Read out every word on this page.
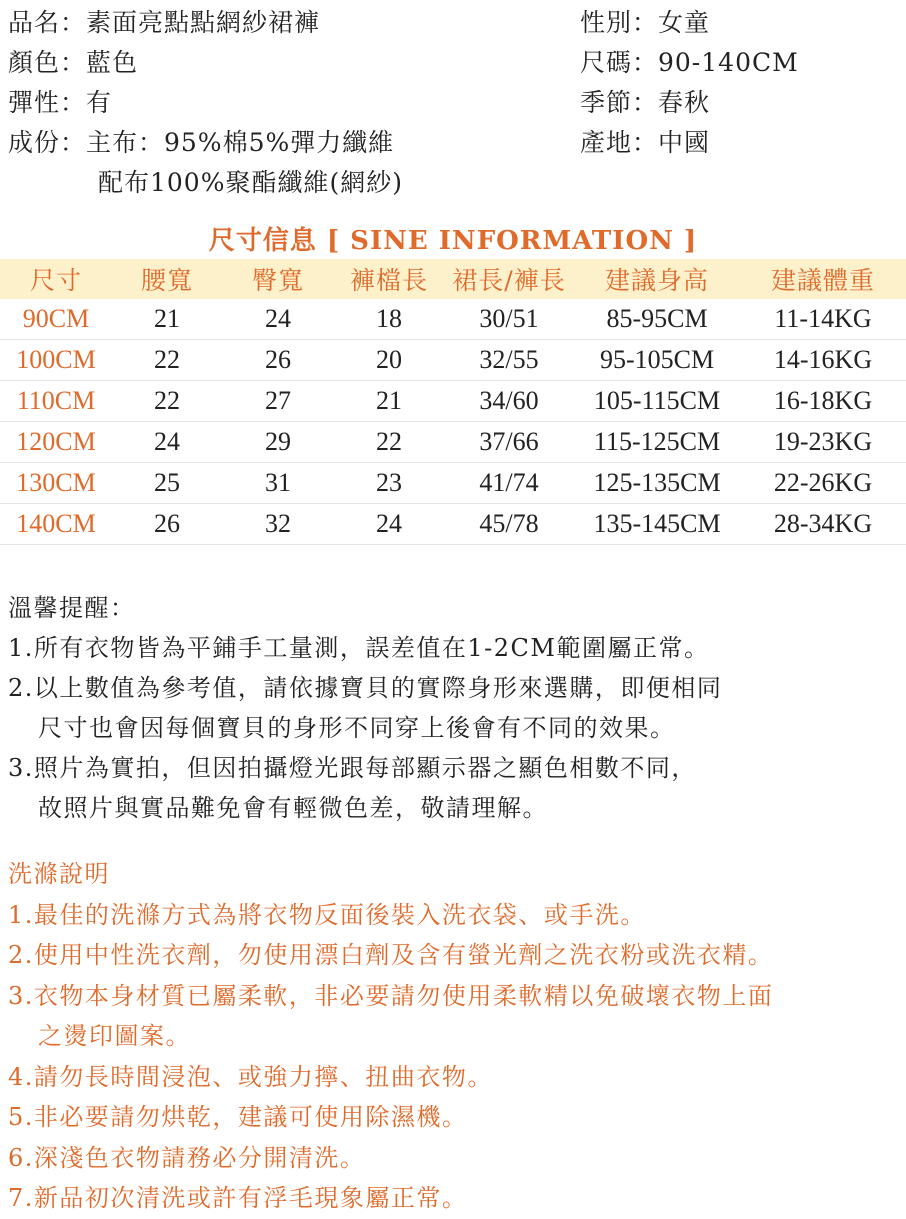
品名：素面亮點點網紗裙褲
顏色：藍色
彈性：有
成份：主布：95%棉5%彈力纖維
配布100%聚酯纖維(網紗)
性別：女童
尺碼：90-140CM
季節：春秋
產地：中國
尺寸信息 [ SINE INFORMATION ]
尺寸	腰寬	臀寬	褲檔長	裙長/褲長	建議身高	建議體重
90CM	21	24	18	30/51	85-95CM	11-14KG
100CM	22	26	20	32/55	95-105CM	14-16KG
110CM	22	27	21	34/60	105-115CM	16-18KG
120CM	24	29	22	37/66	115-125CM	19-23KG
130CM	25	31	23	41/74	125-135CM	22-26KG
140CM	26	32	24	45/78	135-145CM	28-34KG
溫馨提醒：
1.所有衣物皆為平鋪手工量測，誤差值在1-2CM範圍屬正常。
2.以上數值為參考值，請依據寶貝的實際身形來選購，即便相同
尺寸也會因每個寶貝的身形不同穿上後會有不同的效果。
3.照片為實拍，但因拍攝燈光跟每部顯示器之顯色相數不同，
故照片與實品難免會有輕微色差，敬請理解。
洗滌說明
1.最佳的洗滌方式為將衣物反面後裝入洗衣袋、或手洗。
2.使用中性洗衣劑，勿使用漂白劑及含有螢光劑之洗衣粉或洗衣精。
3.衣物本身材質已屬柔軟，非必要請勿使用柔軟精以免破壞衣物上面
之燙印圖案。
4.請勿長時間浸泡、或強力擰、扭曲衣物。
5.非必要請勿烘乾，建議可使用除濕機。
6.深淺色衣物請務必分開清洗。
7.新品初次清洗或許有浮毛現象屬正常。
